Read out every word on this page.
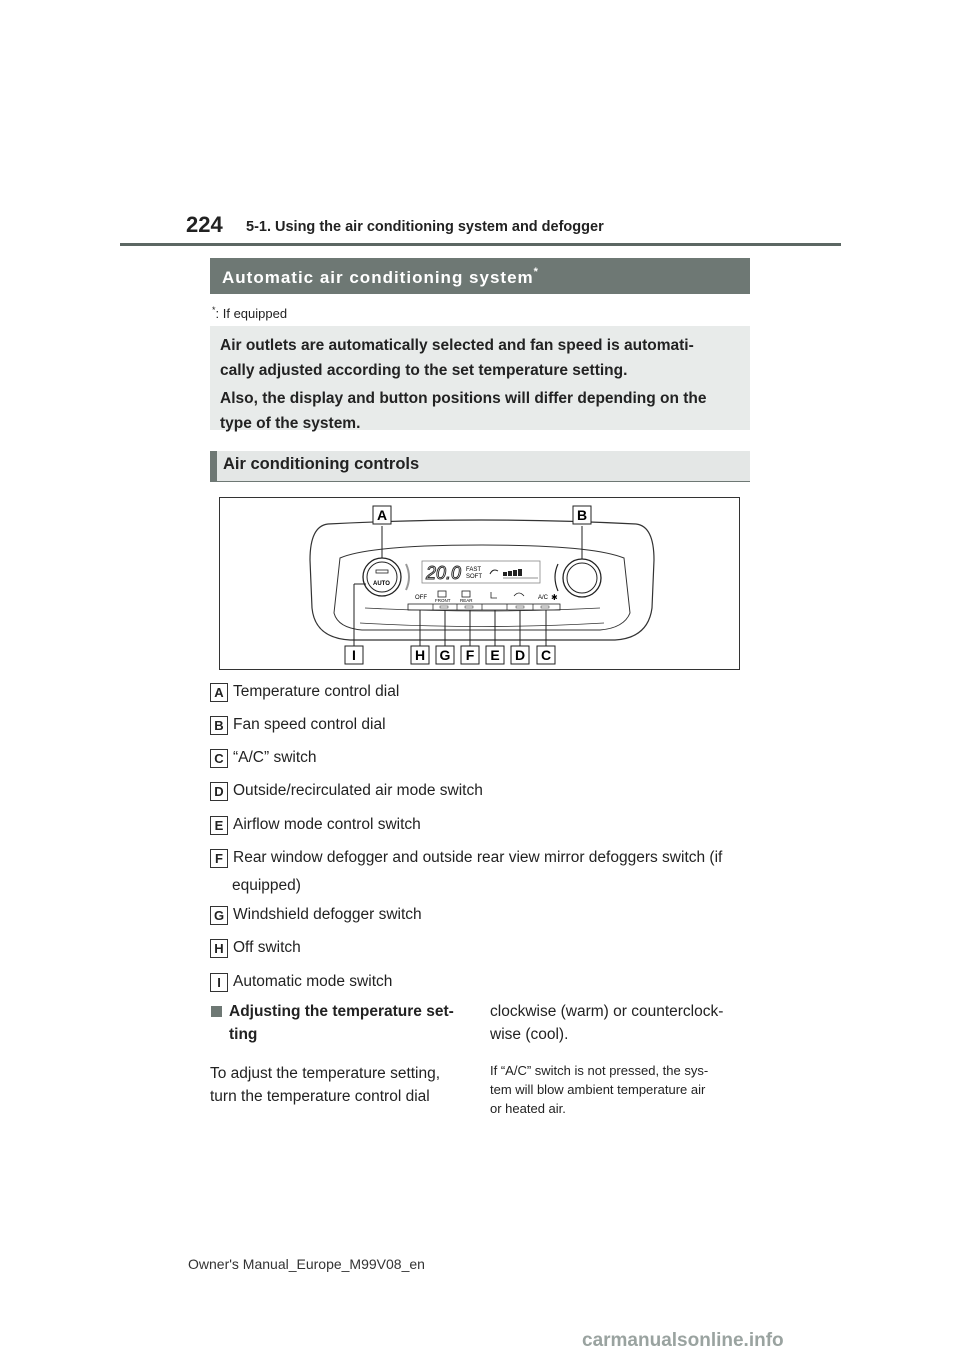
224 5-1. Using the air conditioning system and defogger
Automatic air conditioning system*
*: If equipped

Air outlets are automatically selected and fan speed is automati-
cally adjusted according to the set temperature setting.

Also, the display and button positions will differ depending on the
type of the system.

Air conditioning controls
AUTO
✱
20.0 FAST
SOFT
OFF FRONT REAR	A/C
A	B
I	H G F E D C
A Temperature control dial
B Fan speed control dial
C “A/C” switch
D Outside/recirculated air mode switch
E Airflow mode control switch
F Rear window defogger and outside rear view mirror defoggers switch (if
equipped)
G Windshield defogger switch
H Off switch
I Automatic mode switch
Adjusting the temperature set-
ting
To adjust the temperature setting,
turn the temperature control dial
clockwise (warm) or counterclock-
wise (cool).
If “A/C” switch is not pressed, the sys-
tem will blow ambient temperature air
or heated air.
Owner's Manual_Europe_M99V08_en
carmanualsonline.info
